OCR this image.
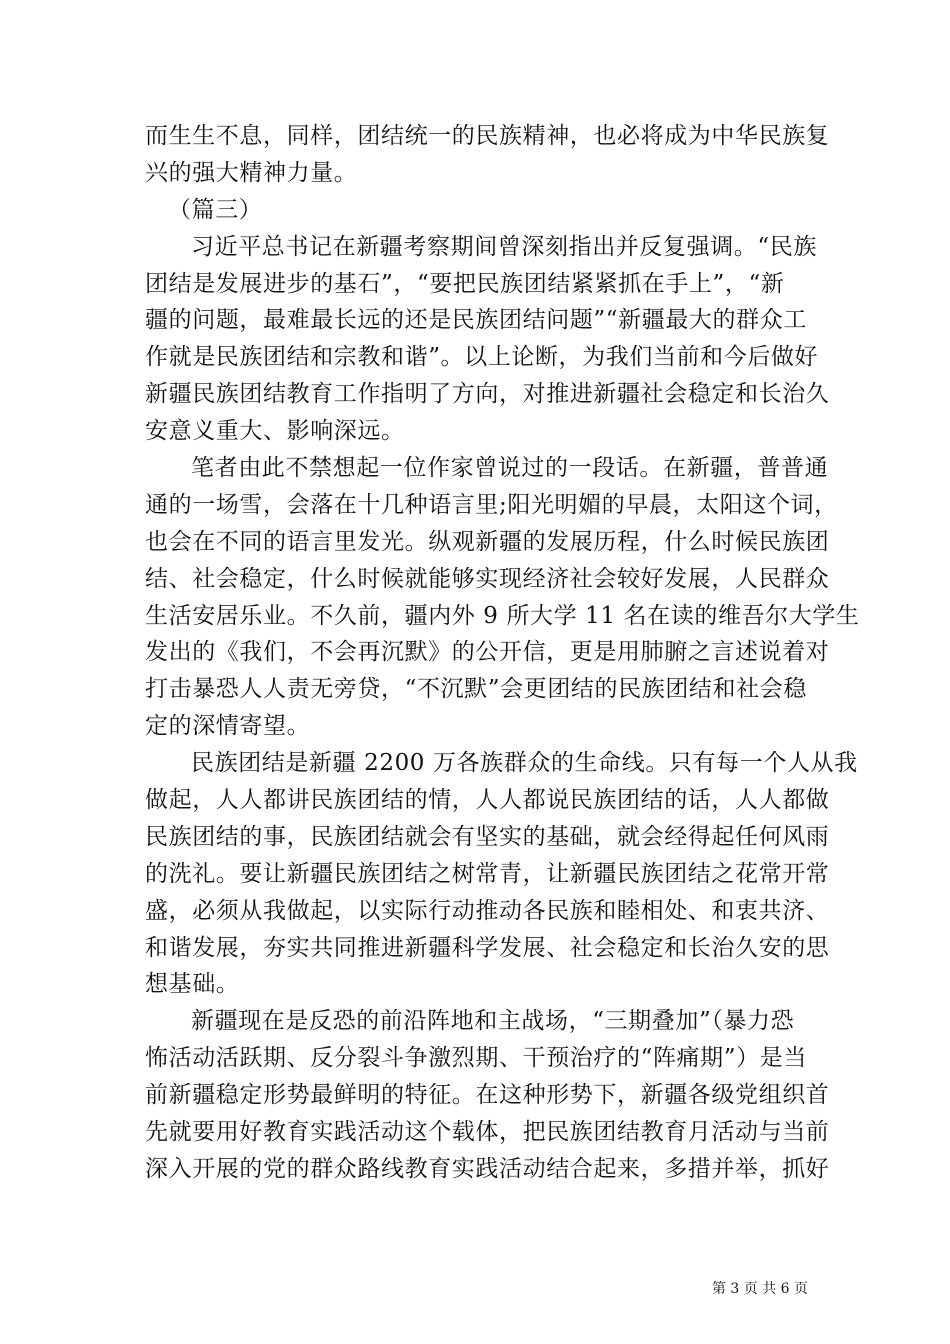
而生生不息，同样，团结统一的民族精神，也必将成为中华民族复
兴的强大精神力量。
（篇三）
习近平总书记在新疆考察期间曾深刻指出并反复强调。“民族
团结是发展进步的基石”，“要把民族团结紧紧抓在手上”，“新
疆的问题，最难最长远的还是民族团结问题”“新疆最大的群众工
作就是民族团结和宗教和谐”。以上论断，为我们当前和今后做好
新疆民族团结教育工作指明了方向，对推进新疆社会稳定和长治久
安意义重大、影响深远。
笔者由此不禁想起一位作家曾说过的一段话。在新疆，普普通
通的一场雪，会落在十几种语言里;阳光明媚的早晨，太阳这个词，
也会在不同的语言里发光。纵观新疆的发展历程，什么时候民族团
结、社会稳定，什么时候就能够实现经济社会较好发展，人民群众
生活安居乐业。不久前，疆内外 9 所大学 11 名在读的维吾尔大学生
发出的《我们，不会再沉默》的公开信，更是用肺腑之言述说着对
打击暴恐人人责无旁贷，“不沉默”会更团结的民族团结和社会稳
定的深情寄望。
民族团结是新疆 2200 万各族群众的生命线。只有每一个人从我
做起，人人都讲民族团结的情，人人都说民族团结的话，人人都做
民族团结的事，民族团结就会有坚实的基础，就会经得起任何风雨
的洗礼。要让新疆民族团结之树常青，让新疆民族团结之花常开常
盛，必须从我做起，以实际行动推动各民族和睦相处、和衷共济、
和谐发展，夯实共同推进新疆科学发展、社会稳定和长治久安的思
想基础。
新疆现在是反恐的前沿阵地和主战场，“三期叠加”（暴力恐
怖活动活跃期、反分裂斗争激烈期、干预治疗的“阵痛期”）是当
前新疆稳定形势最鲜明的特征。在这种形势下，新疆各级党组织首
先就要用好教育实践活动这个载体，把民族团结教育月活动与当前
深入开展的党的群众路线教育实践活动结合起来，多措并举，抓好
第 3 页 共 6 页
